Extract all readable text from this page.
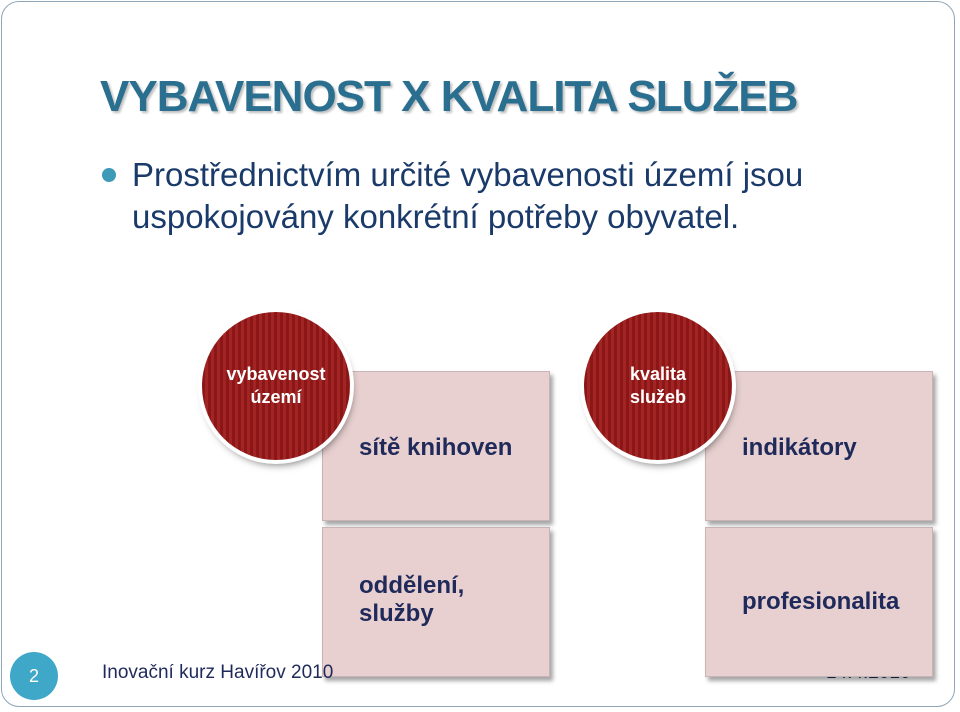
VYBAVENOST X KVALITA SLUŽEB
Prostřednictvím určité vybavenosti území jsou uspokojovány konkrétní potřeby obyvatel.
sítě knihoven
oddělení,
služby
vybavenost
území
indikátory
profesionalita
kvalita
služeb
2	Inovační kurz Havířov 2010
